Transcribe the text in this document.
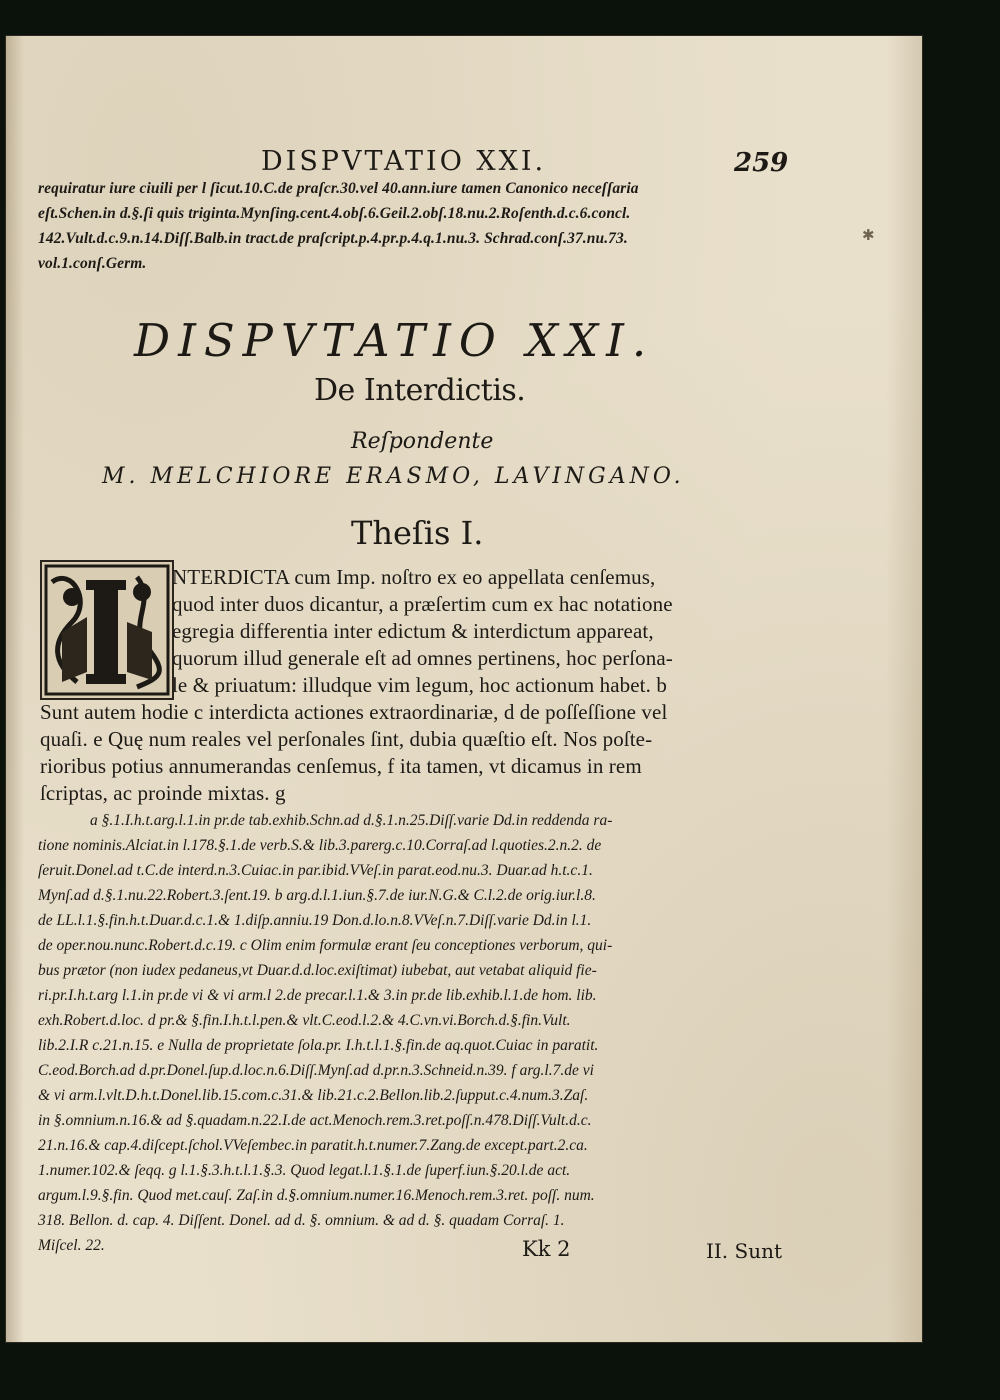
DISPVTATIO XXI.	259
requiratur iure ciuili per l ſicut.10.C.de praſcr.30.vel 40.ann.iure tamen Canonico neceſſaria
eſt.Schen.in d.§.ſi quis triginta.Mynſing.cent.4.obſ.6.Geil.2.obſ.18.nu.2.Roſenth.d.c.6.concl.
142.Vult.d.c.9.n.14.Diſſ.Balb.in tract.de praſcript.p.4.pr.p.4.q.1.nu.3. Schrad.conſ.37.nu.73.
vol.1.conſ.Germ.
✱
DISPVTATIO XXI.
De Interdictis.
Reſpondente
M. MELCHIORE ERASMO, LAVINGANO.
Theſis I.
NTERDICTA cum Imp. noſtro ex eo appellata cenſemus,
quod inter duos dicantur, a præſertim cum ex hac notatione
egregia differentia inter edictum & interdictum appareat,
quorum illud generale eſt ad omnes pertinens, hoc perſona-
le & priuatum: illudque vim legum, hoc actionum habet. b
Sunt autem hodie c interdicta actiones extraordinariæ, d de poſſeſſione vel
quaſi. e Quę num reales vel perſonales ſint, dubia quæſtio eſt. Nos poſte-
rioribus potius annumerandas cenſemus, f ita tamen, vt dicamus in rem
ſcriptas, ac proinde mixtas. g
a §.1.I.h.t.arg.l.1.in pr.de tab.exhib.Schn.ad d.§.1.n.25.Diſſ.varie Dd.in reddenda ra-
tione nominis.Alciat.in l.178.§.1.de verb.S.& lib.3.parerg.c.10.Corraſ.ad l.quoties.2.n.2. de
ſeruit.Donel.ad t.C.de interd.n.3.Cuiac.in par.ibid.VVeſ.in parat.eod.nu.3. Duar.ad h.t.c.1.
Mynſ.ad d.§.1.nu.22.Robert.3.ſent.19. b arg.d.l.1.iun.§.7.de iur.N.G.& C.l.2.de orig.iur.l.8.
de LL.l.1.§.fin.h.t.Duar.d.c.1.& 1.diſp.anniu.19 Don.d.lo.n.8.VVeſ.n.7.Diſſ.varie Dd.in l.1.
de oper.nou.nunc.Robert.d.c.19. c Olim enim formulæ erant ſeu conceptiones verborum, qui-
bus prætor (non iudex pedaneus,vt Duar.d.d.loc.exiſtimat) iubebat, aut vetabat aliquid fie-
ri.pr.I.h.t.arg l.1.in pr.de vi & vi arm.l 2.de precar.l.1.& 3.in pr.de lib.exhib.l.1.de hom. lib.
exh.Robert.d.loc. d pr.& §.fin.I.h.t.l.pen.& vlt.C.eod.l.2.& 4.C.vn.vi.Borch.d.§.fin.Vult.
lib.2.I.R c.21.n.15. e Nulla de proprietate ſola.pr. I.h.t.l.1.§.fin.de aq.quot.Cuiac in paratit.
C.eod.Borch.ad d.pr.Donel.ſup.d.loc.n.6.Diſſ.Mynſ.ad d.pr.n.3.Schneid.n.39. f arg.l.7.de vi
& vi arm.l.vlt.D.h.t.Donel.lib.15.com.c.31.& lib.21.c.2.Bellon.lib.2.ſupput.c.4.num.3.Zaſ.
in §.omnium.n.16.& ad §.quadam.n.22.I.de act.Menoch.rem.3.ret.poſſ.n.478.Diſſ.Vult.d.c.
21.n.16.& cap.4.diſcept.ſchol.VVeſembec.in paratit.h.t.numer.7.Zang.de except.part.2.ca.
1.numer.102.& ſeqq. g l.1.§.3.h.t.l.1.§.3. Quod legat.l.1.§.1.de ſuperf.iun.§.20.l.de act.
argum.l.9.§.fin. Quod met.cauſ. Zaſ.in d.§.omnium.numer.16.Menoch.rem.3.ret. poſſ. num.
318. Bellon. d. cap. 4. Diſſent. Donel. ad d. §. omnium. & ad d. §. quadam Corraſ. 1.
Miſcel. 22.	Kk 2	II. Sunt
